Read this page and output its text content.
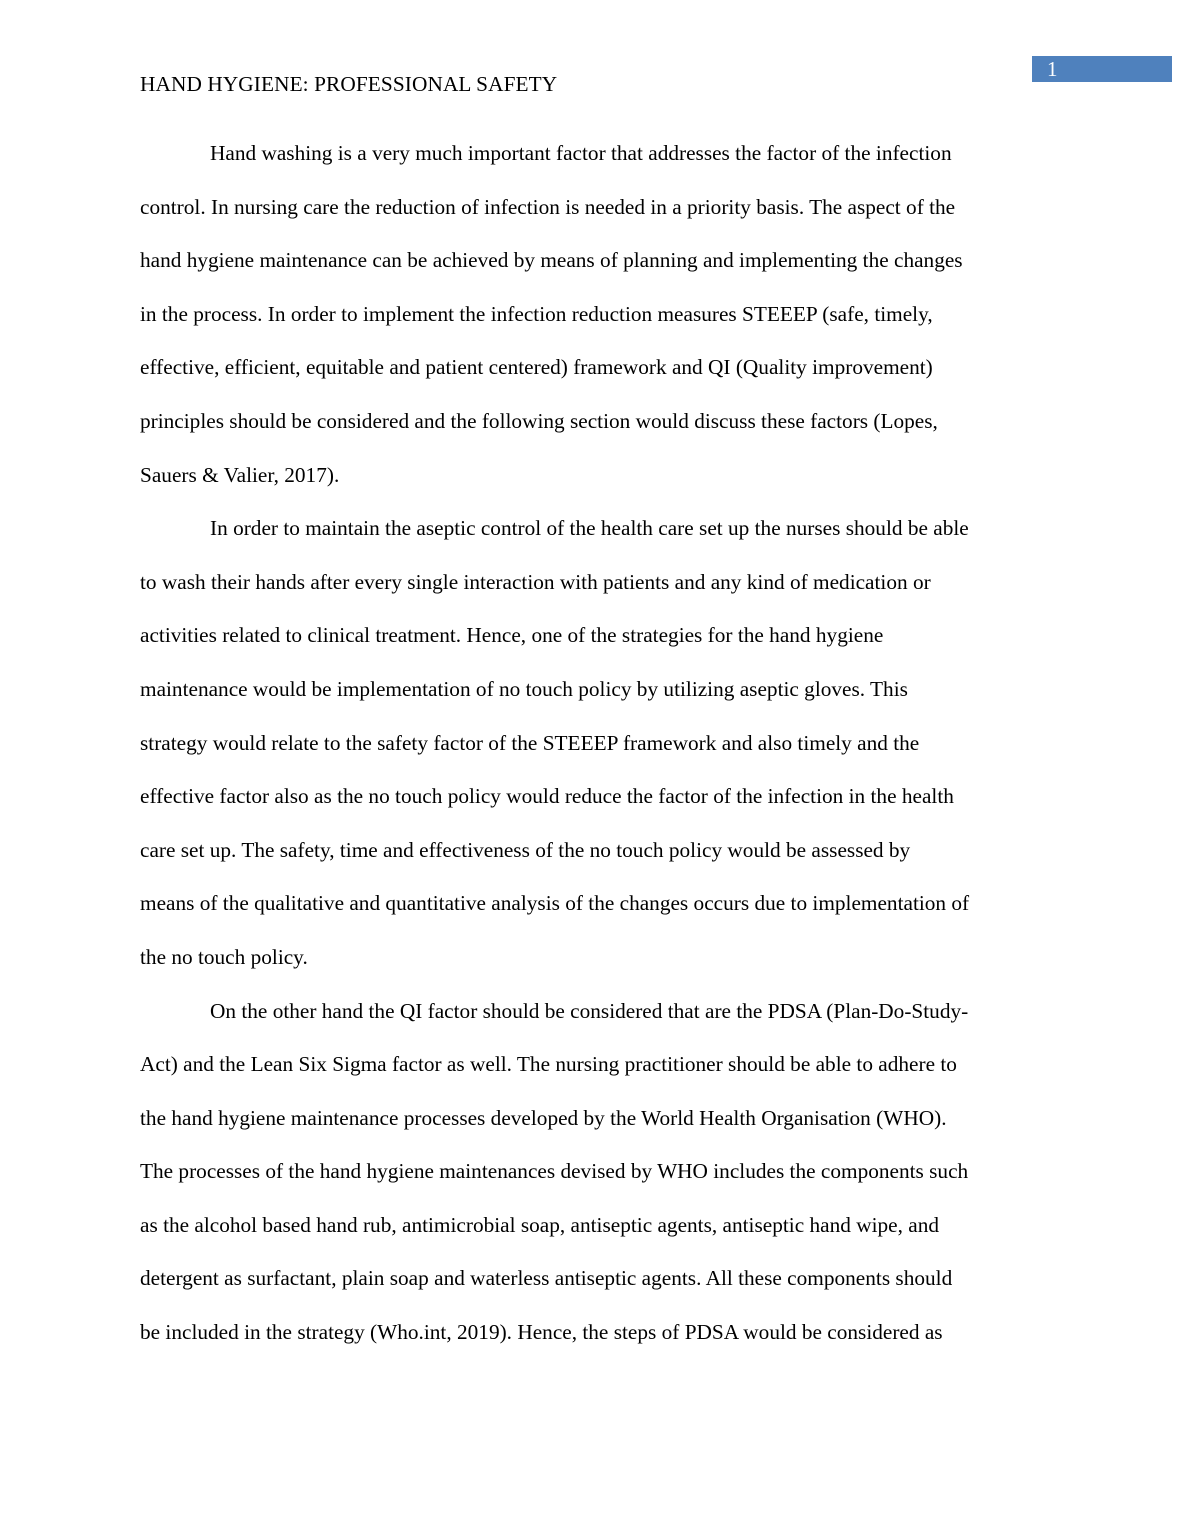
1
HAND HYGIENE: PROFESSIONAL SAFETY
Hand washing is a very much important factor that addresses the factor of the infection
control. In nursing care the reduction of infection is needed in a priority basis. The aspect of the
hand hygiene maintenance can be achieved by means of planning and implementing the changes
in the process. In order to implement the infection reduction measures STEEEP (safe, timely,
effective, efficient, equitable and patient centered) framework and QI (Quality improvement)
principles should be considered and the following section would discuss these factors (Lopes,
Sauers & Valier, 2017).
In order to maintain the aseptic control of the health care set up the nurses should be able
to wash their hands after every single interaction with patients and any kind of medication or
activities related to clinical treatment. Hence, one of the strategies for the hand hygiene
maintenance would be implementation of no touch policy by utilizing aseptic gloves. This
strategy would relate to the safety factor of the STEEEP framework and also timely and the
effective factor also as the no touch policy would reduce the factor of the infection in the health
care set up. The safety, time and effectiveness of the no touch policy would be assessed by
means of the qualitative and quantitative analysis of the changes occurs due to implementation of
the no touch policy.
On the other hand the QI factor should be considered that are the PDSA (Plan-Do-Study-
Act) and the Lean Six Sigma factor as well. The nursing practitioner should be able to adhere to
the hand hygiene maintenance processes developed by the World Health Organisation (WHO).
The processes of the hand hygiene maintenances devised by WHO includes the components such
as the alcohol based hand rub, antimicrobial soap, antiseptic agents, antiseptic hand wipe, and
detergent as surfactant, plain soap and waterless antiseptic agents. All these components should
be included in the strategy (Who.int, 2019). Hence, the steps of PDSA would be considered as
